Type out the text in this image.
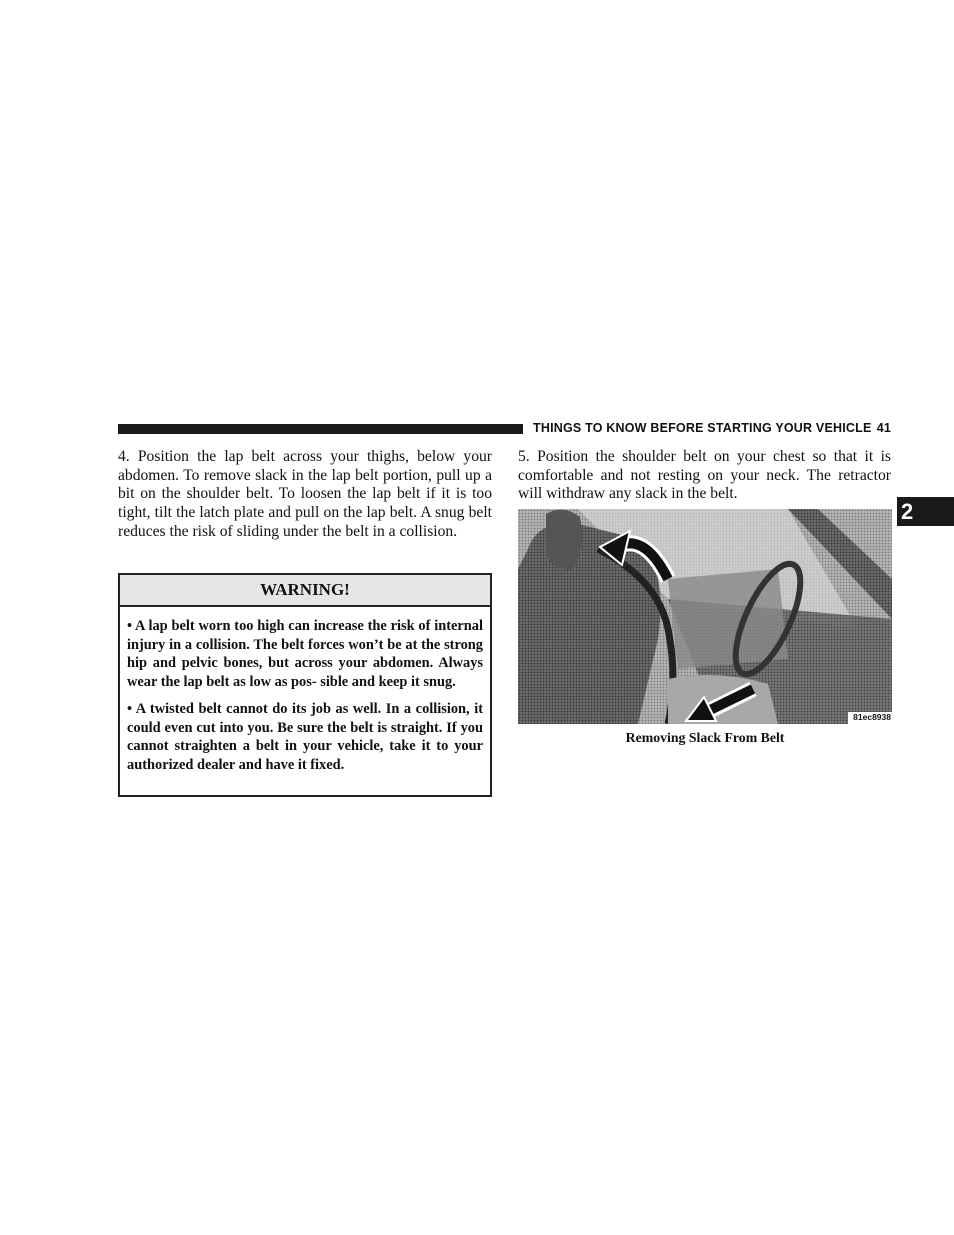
THINGS TO KNOW BEFORE STARTING YOUR VEHICLE 41
2

4. Position the lap belt across your thighs, below your abdomen. To remove slack in the lap belt portion, pull up a bit on the shoulder belt. To loosen the lap belt if it is too tight, tilt the latch plate and pull on the lap belt. A snug belt reduces the risk of sliding under the belt in a collision.

WARNING!

• A lap belt worn too high can increase the risk of internal injury in a collision. The belt forces won’t be at the strong hip and pelvic bones, but across your abdomen. Always wear the lap belt as low as pos- sible and keep it snug.

• A twisted belt cannot do its job as well. In a collision, it could even cut into you. Be sure the belt is straight. If you cannot straighten a belt in your vehicle, take it to your authorized dealer and have it fixed.

5. Position the shoulder belt on your chest so that it is comfortable and not resting on your neck. The retractor will withdraw any slack in the belt.

81ec8938
Removing Slack From Belt
